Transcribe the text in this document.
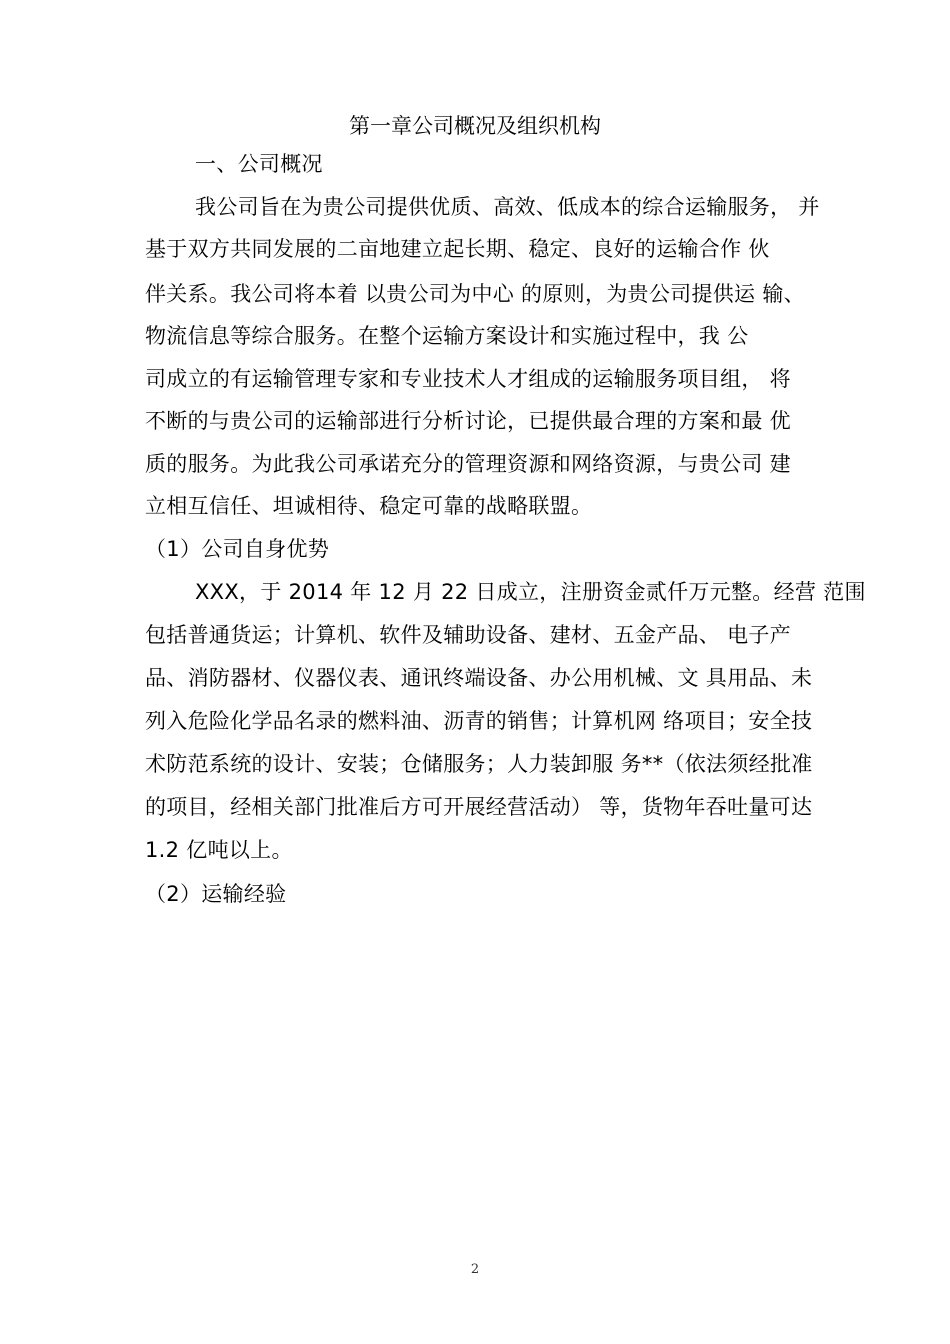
第一章公司概况及组织机构
一、公司概况
我公司旨在为贵公司提供优质、高效、低成本的综合运输服务， 并
基于双方共同发展的二亩地建立起长期、稳定、良好的运输合作 伙
伴关系。我公司将本着 以贵公司为中心 的原则，为贵公司提供运 输、
物流信息等综合服务。在整个运输方案设计和实施过程中，我 公
司成立的有运输管理专家和专业技术人才组成的运输服务项目组， 将
不断的与贵公司的运输部进行分析讨论，已提供最合理的方案和最 优
质的服务。为此我公司承诺充分的管理资源和网络资源，与贵公司 建
立相互信任、坦诚相待、稳定可靠的战略联盟。
（1）公司自身优势
XXX，于 2014 年 12 月 22 日成立，注册资金贰仟万元整。经营 范围
包括普通货运；计算机、软件及辅助设备、建材、五金产品、 电子产
品、消防器材、仪器仪表、通讯终端设备、办公用机械、文 具用品、未
列入危险化学品名录的燃料油、沥青的销售；计算机网 络项目；安全技
术防范系统的设计、安装；仓储服务；人力装卸服 务**（依法须经批准
的项目，经相关部门批准后方可开展经营活动） 等，货物年吞吐量可达
1.2 亿吨以上。
（2）运输经验
2
